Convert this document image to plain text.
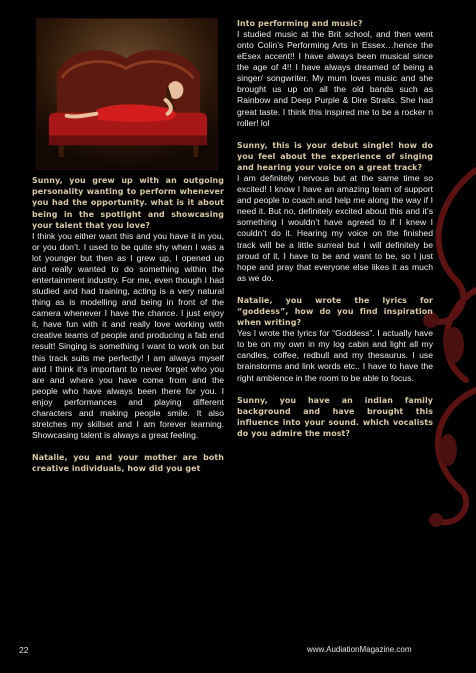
Sunny, you grew up with an outgoing personality wanting to perform whenever you had the opportunity. what is it about being in the spotlight and showcasing your talent that you love?

I think you either want this and you have it in you, or you don’t. I used to be quite shy when I was a lot younger but then as I grew up, I opened up and really wanted to do something within the entertainment industry. For me, even though I had studied and had training, acting is a very natural thing as is modelling and being in front of the camera whenever I have the chance. I just enjoy it, have fun with it and really love working with creative teams of people and producing a fab end result! Singing is something I want to work on but this track suits me perfectly! I am always myself and I think it’s important to never forget who you are and where you have come from and the people who have always been there for you. I enjoy performances and playing different characters and making people smile. It also stretches my skillset and I am forever learning. Showcasing talent is always a great feeling.

Natalie, you and your mother are both creative individuals, how did you get

Into performing and music?

I studied music at the Brit school, and then went onto Colin’s Performing Arts in Essex…hence the eEsex accent!! I have always been musical since the age of 4!! I have always dreamed of being a singer/ songwriter. My mum loves music and she brought us up on all the old bands such as Rainbow and Deep Purple & Dire Straits. She had great taste. I think this inspired me to be a rocker n roller! lol

Sunny, this is your debut single! how do you feel about the experience of singing and hearing your voice on a great track?

I am definitely nervous but at the same time so excited! I know I have an amazing team of support and people to coach and help me along the way if I need it. But no, definitely excited about this and it’s something I wouldn’t have agreed to if I knew I couldn’t do it. Hearing my voice on the finished track will be a little surreal but I will definitely be proud of it, I have to be and want to be, so I just hope and pray that everyone else likes it as much as we do.

Natalie, you wrote the lyrics for “goddess”, how do you find inspiration when writing?

Yes I wrote the lyrics for “Goddess”. I actually have to be on my own in my log cabin and light all my candles, coffee, redbull and my thesaurus. I use brainstorms and link words etc.. I have to have the right ambience in the room to be able to focus.

Sunny, you have an indian family background and have brought this influence into your sound. which vocalists do you admire the most?

22	www.AudiationMagazine.com
